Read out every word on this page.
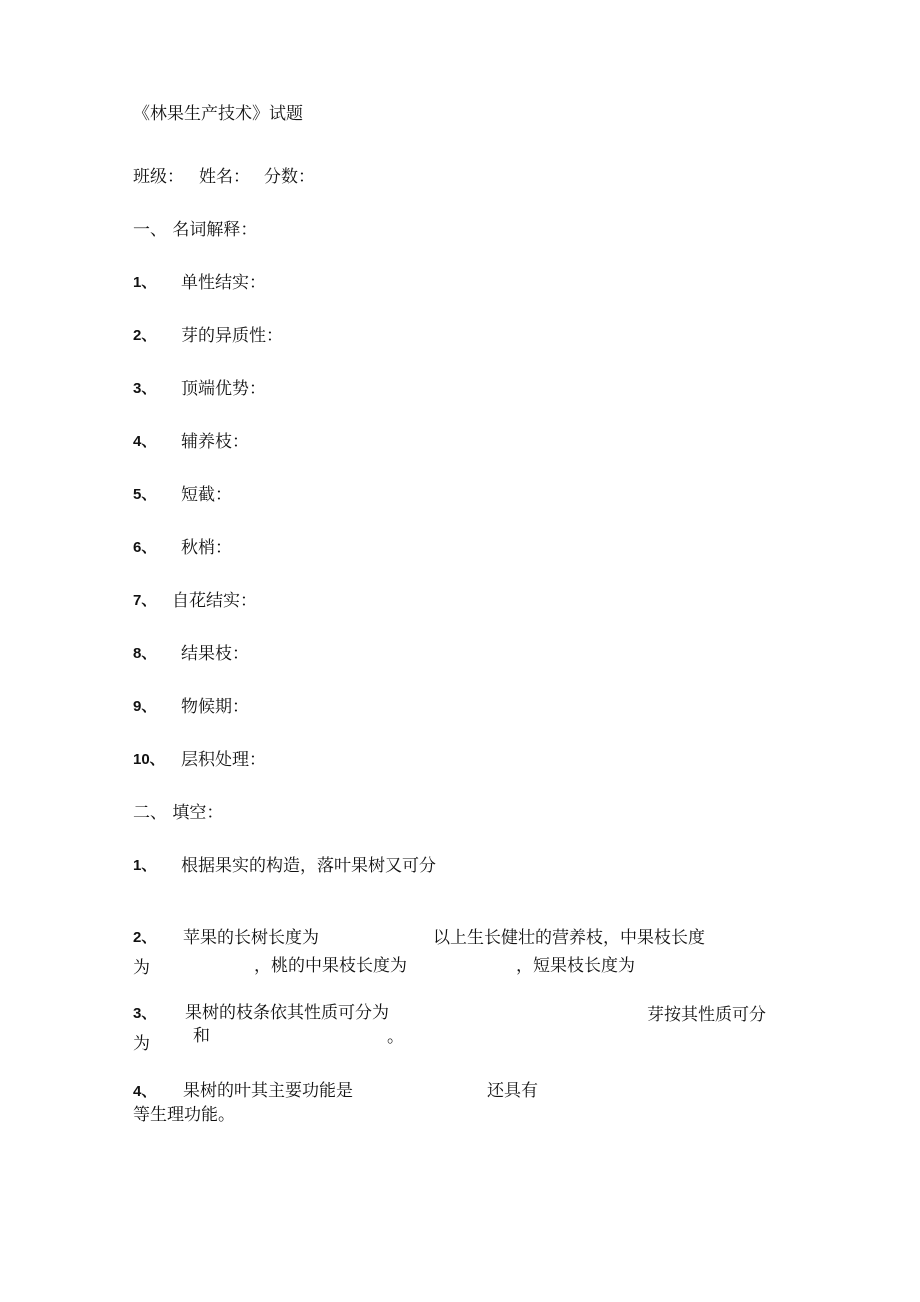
《林果生产技术》试题
班级： 姓名： 分数：
一、 名词解释：
1、 单性结实：
2、 芽的异质性：
3、 顶端优势：
4、 辅养枝：
5、 短截：
6、 秋梢：
7、 自花结实：
8、 结果枝：
9、 物候期：
10、 层积处理：
二、 填空：
1、 根据果实的构造，落叶果树又可分
2、 苹果的长树长度为	以上生长健壮的营养枝，中果枝长度
为	，桃的中果枝长度为	，短果枝长度为
3、 果树的枝条依其性质可分为	芽按其性质可分
为	和	。
4、 果树的叶其主要功能是	还具有
等生理功能。
